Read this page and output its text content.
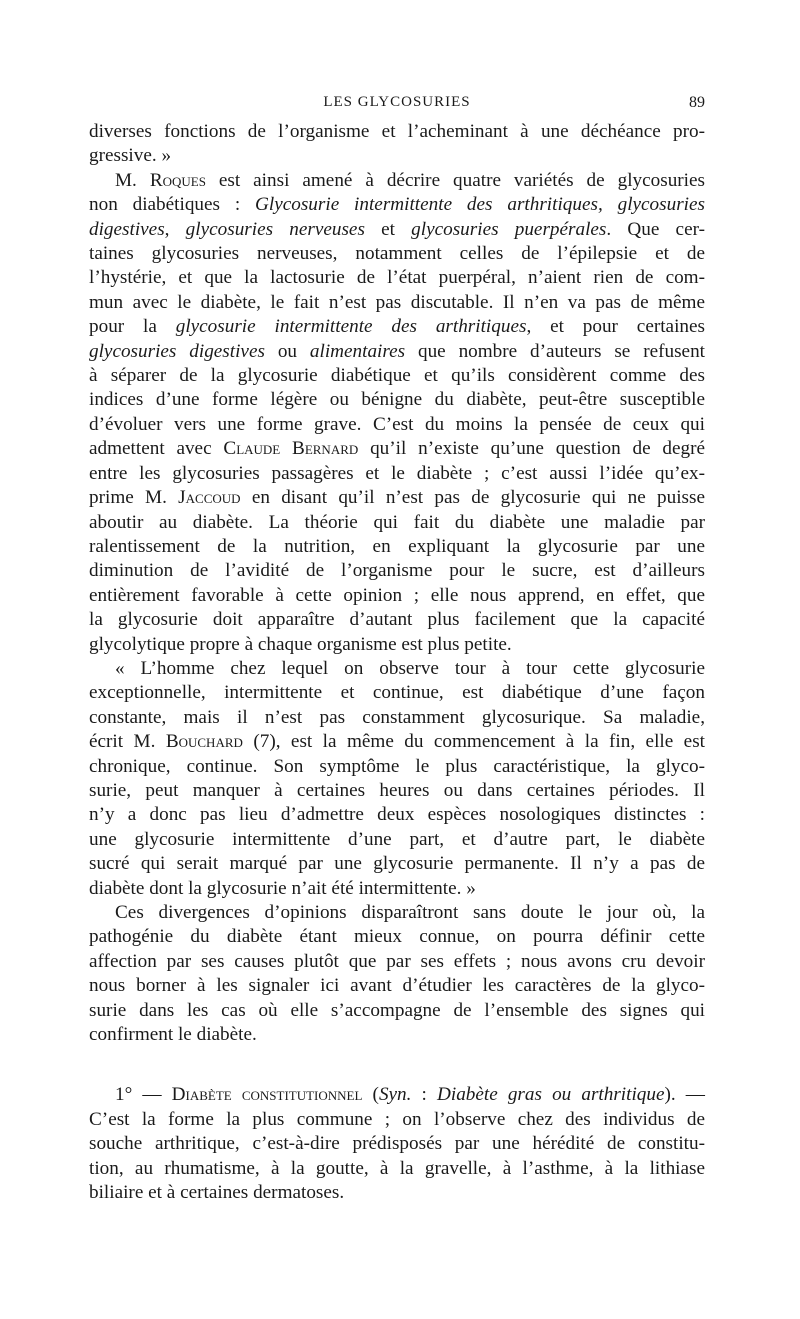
LES GLYCOSURIES	89

diverses fonctions de l’organisme et l’acheminant à une déchéance pro-
gressive. »

M. Roques est ainsi amené à décrire quatre variétés de glycosuries
non diabétiques : Glycosurie intermittente des arthritiques, glycosuries
digestives, glycosuries nerveuses et glycosuries puerpérales. Que cer-
taines glycosuries nerveuses, notamment celles de l’épilepsie et de
l’hystérie, et que la lactosurie de l’état puerpéral, n’aient rien de com-
mun avec le diabète, le fait n’est pas discutable. Il n’en va pas de même
pour la glycosurie intermittente des arthritiques, et pour certaines
glycosuries digestives ou alimentaires que nombre d’auteurs se refusent
à séparer de la glycosurie diabétique et qu’ils considèrent comme des
indices d’une forme légère ou bénigne du diabète, peut-être susceptible
d’évoluer vers une forme grave. C’est du moins la pensée de ceux qui
admettent avec Claude Bernard qu’il n’existe qu’une question de degré
entre les glycosuries passagères et le diabète ; c’est aussi l’idée qu’ex-
prime M. Jaccoud en disant qu’il n’est pas de glycosurie qui ne puisse
aboutir au diabète. La théorie qui fait du diabète une maladie par
ralentissement de la nutrition, en expliquant la glycosurie par une
diminution de l’avidité de l’organisme pour le sucre, est d’ailleurs
entièrement favorable à cette opinion ; elle nous apprend, en effet, que
la glycosurie doit apparaître d’autant plus facilement que la capacité
glycolytique propre à chaque organisme est plus petite.

« L’homme chez lequel on observe tour à tour cette glycosurie
exceptionnelle, intermittente et continue, est diabétique d’une façon
constante, mais il n’est pas constamment glycosurique. Sa maladie,
écrit M. Bouchard (7), est la même du commencement à la fin, elle est
chronique, continue. Son symptôme le plus caractéristique, la glyco-
surie, peut manquer à certaines heures ou dans certaines périodes. Il
n’y a donc pas lieu d’admettre deux espèces nosologiques distinctes :
une glycosurie intermittente d’une part, et d’autre part, le diabète
sucré qui serait marqué par une glycosurie permanente. Il n’y a pas de
diabète dont la glycosurie n’ait été intermittente. »

Ces divergences d’opinions disparaîtront sans doute le jour où, la
pathogénie du diabète étant mieux connue, on pourra définir cette
affection par ses causes plutôt que par ses effets ; nous avons cru devoir
nous borner à les signaler ici avant d’étudier les caractères de la glyco-
surie dans les cas où elle s’accompagne de l’ensemble des signes qui
confirment le diabète.

1° — Diabète constitutionnel (Syn. : Diabète gras ou arthritique). —
C’est la forme la plus commune ; on l’observe chez des individus de
souche arthritique, c’est-à-dire prédisposés par une hérédité de constitu-
tion, au rhumatisme, à la goutte, à la gravelle, à l’asthme, à la lithiase
biliaire et à certaines dermatoses.
